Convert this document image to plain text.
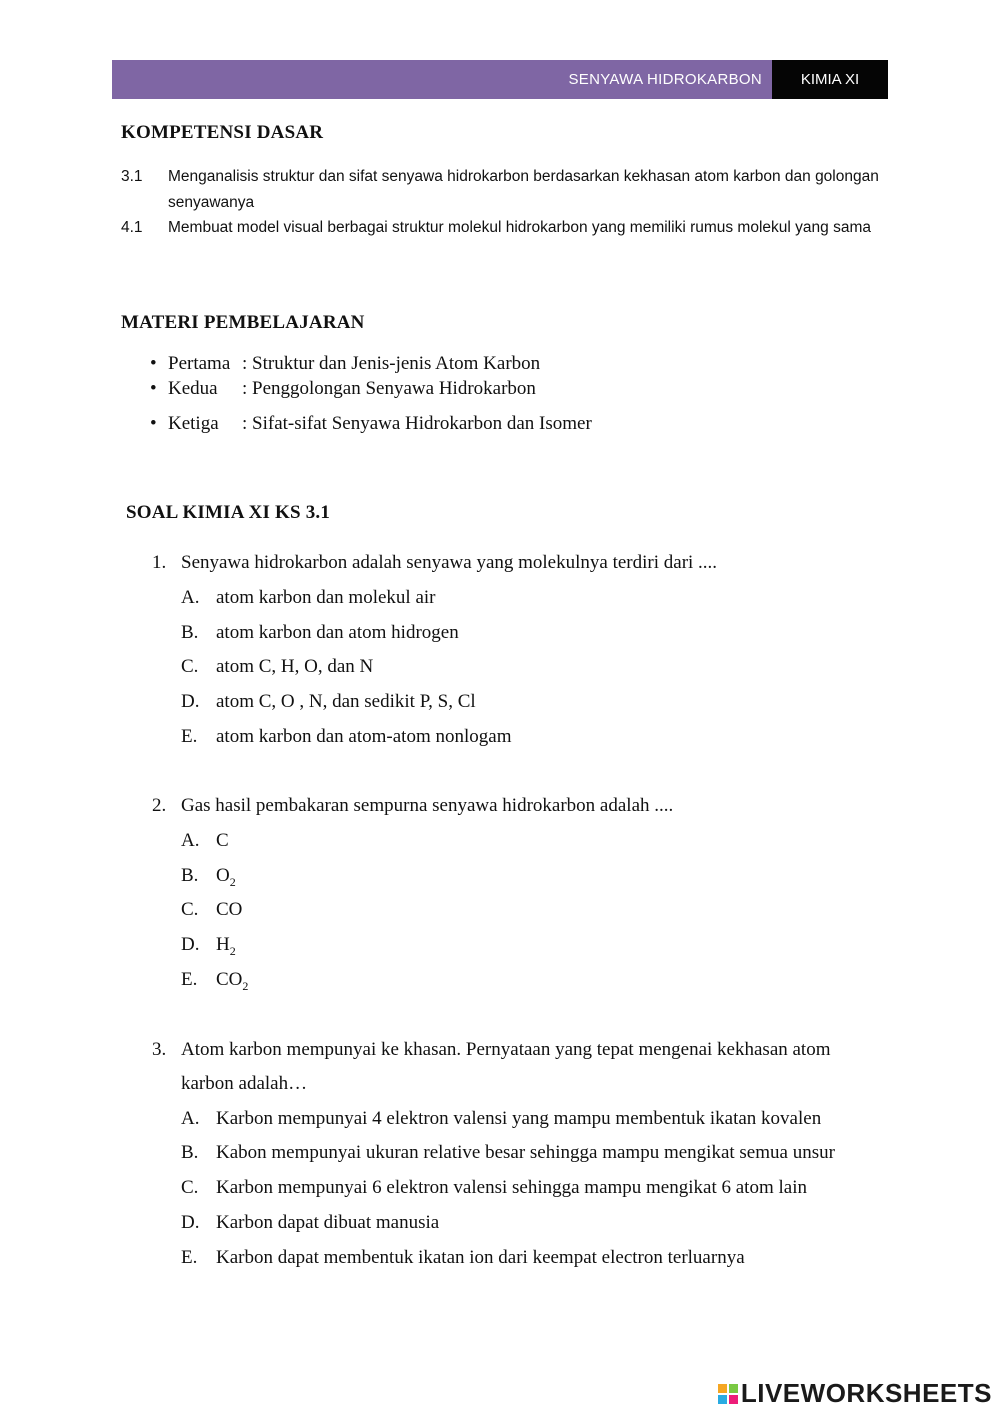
SENYAWA HIDROKARBON	KIMIA XI
KOMPETENSI DASAR
3.1	Menganalisis struktur dan sifat senyawa hidrokarbon berdasarkan kekhasan atom karbon dan golongan senyawanya
4.1	Membuat model visual berbagai struktur molekul hidrokarbon yang memiliki rumus molekul yang sama
MATERI PEMBELAJARAN
• Pertama : Struktur dan Jenis-jenis Atom Karbon
• Kedua	: Penggolongan Senyawa Hidrokarbon
• Ketiga	: Sifat-sifat Senyawa Hidrokarbon dan Isomer
SOAL KIMIA XI KS 3.1
1. Senyawa hidrokarbon adalah senyawa yang molekulnya terdiri dari ....
A. atom karbon dan molekul air
B. atom karbon dan atom hidrogen
C. atom C, H, O, dan N
D. atom C, O , N, dan sedikit P, S, Cl
E. atom karbon dan atom-atom nonlogam
2. Gas hasil pembakaran sempurna senyawa hidrokarbon adalah ....
A. C
B. $O_2$
C. CO
D. $H_2$
E. $CO_2$
3. Atom karbon mempunyai ke khasan. Pernyataan yang tepat mengenai kekhasan atom
karbon adalah…
A. Karbon mempunyai 4 elektron valensi yang mampu membentuk ikatan kovalen
B. Kabon mempunyai ukuran relative besar sehingga mampu mengikat semua unsur
C. Karbon mempunyai 6 elektron valensi sehingga mampu mengikat 6 atom lain
D. Karbon dapat dibuat manusia
E. Karbon dapat membentuk ikatan ion dari keempat electron terluarnya
LIVEWORKSHEETS
